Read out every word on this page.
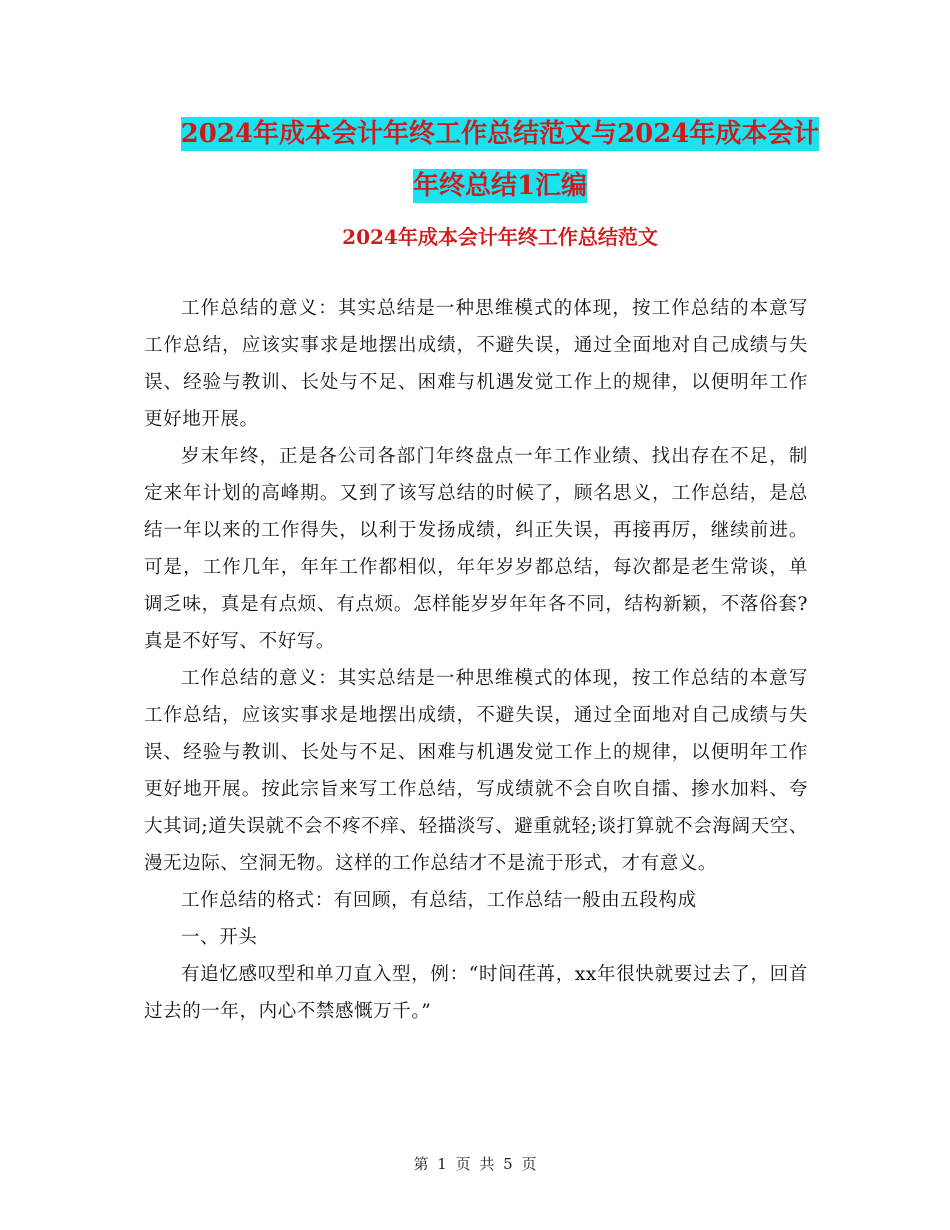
2024年成本会计年终工作总结范文与2024年成本会计
年终总结1汇编
2024年成本会计年终工作总结范文

工作总结的意义：其实总结是一种思维模式的体现，按工作总结的本意写工作总结，应该实事求是地摆出成绩，不避失误，通过全面地对自己成绩与失误、经验与教训、长处与不足、困难与机遇发觉工作上的规律，以便明年工作更好地开展。

岁末年终，正是各公司各部门年终盘点一年工作业绩、找出存在不足，制定来年计划的高峰期。又到了该写总结的时候了，顾名思义，工作总结，是总结一年以来的工作得失，以利于发扬成绩，纠正失误，再接再厉，继续前进。可是，工作几年，年年工作都相似，年年岁岁都总结，每次都是老生常谈，单调乏味，真是有点烦、有点烦。怎样能岁岁年年各不同，结构新颖，不落俗套?真是不好写、不好写。

工作总结的意义：其实总结是一种思维模式的体现，按工作总结的本意写工作总结，应该实事求是地摆出成绩，不避失误，通过全面地对自己成绩与失误、经验与教训、长处与不足、困难与机遇发觉工作上的规律，以便明年工作更好地开展。按此宗旨来写工作总结，写成绩就不会自吹自擂、掺水加料、夸大其词;道失误就不会不疼不痒、轻描淡写、避重就轻;谈打算就不会海阔天空、漫无边际、空洞无物。这样的工作总结才不是流于形式，才有意义。

工作总结的格式：有回顾，有总结，工作总结一般由五段构成

一、开头

有追忆感叹型和单刀直入型，例：“时间荏苒，xx年很快就要过去了，回首过去的一年，内心不禁感慨万千。”

第 1 页 共 5 页
